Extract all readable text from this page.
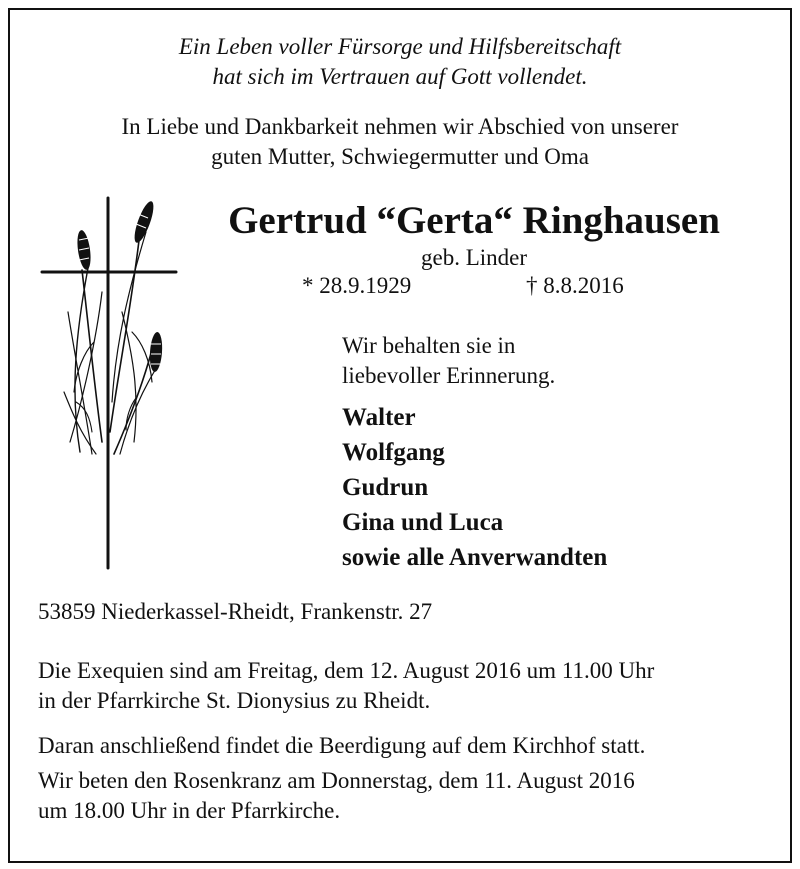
Ein Leben voller Fürsorge und Hilfsbereitschaft
hat sich im Vertrauen auf Gott vollendet.
In Liebe und Dankbarkeit nehmen wir Abschied von unserer
guten Mutter, Schwiegermutter und Oma
Gertrud “Gerta“ Ringhausen
geb. Linder
* 28.9.1929	† 8.8.2016
Wir behalten sie in
liebevoller Erinnerung.
Walter
Wolfgang
Gudrun
Gina und Luca
sowie alle Anverwandten
53859 Niederkassel-Rheidt, Frankenstr. 27
Die Exequien sind am Freitag, dem 12. August 2016 um 11.00 Uhr
in der Pfarrkirche St. Dionysius zu Rheidt.
Daran anschließend findet die Beerdigung auf dem Kirchhof statt.
Wir beten den Rosenkranz am Donnerstag, dem 11. August 2016
um 18.00 Uhr in der Pfarrkirche.
